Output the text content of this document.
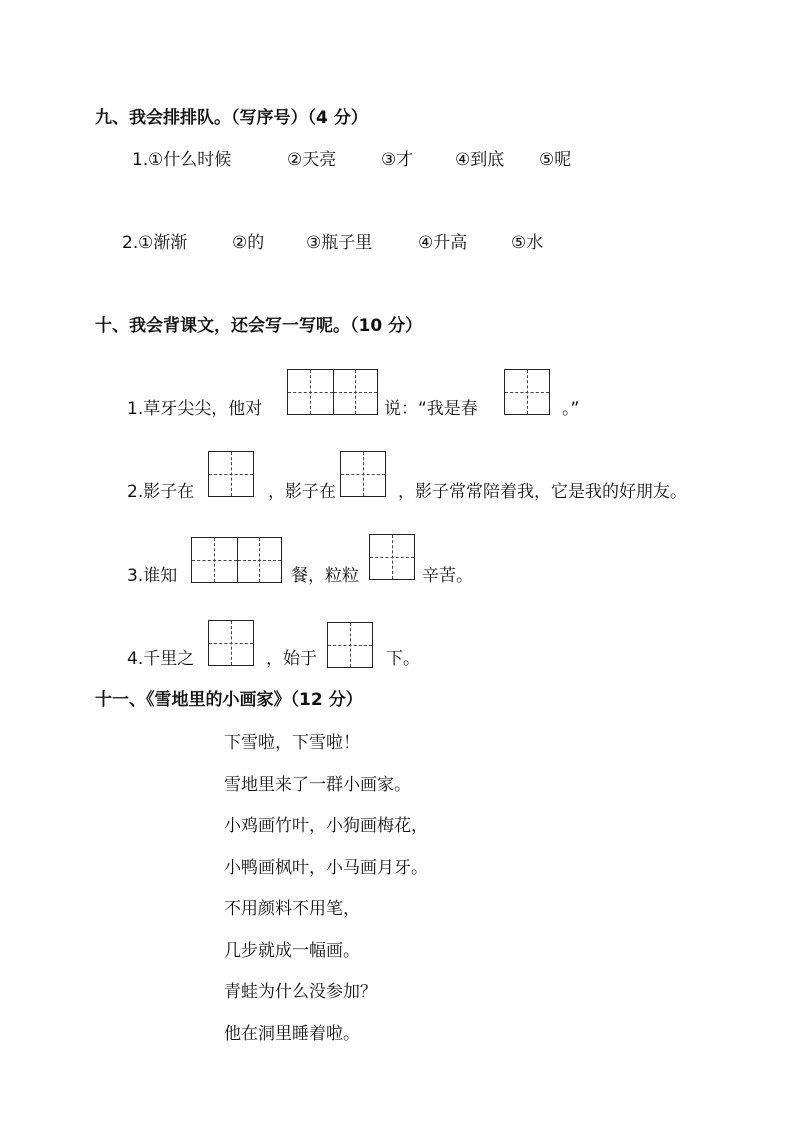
九、我会排排队。（写序号）（4 分）
1. ①什么时候	②天亮	③才 ④到底 ⑤呢
2. ①渐渐	②的 ③瓶子里	④升高	⑤水
十、我会背课文，还会写一写呢。（10 分）
1.草牙尖尖，他对	说：“我是春	。”
2.影子在	，影子在	，影子常常陪着我，它是我的好朋友。
3.谁知	餐，粒粒	辛苦。
4.千里之	，始于	下。
十一、《雪地里的小画家》（12 分）
下雪啦，下雪啦！
雪地里来了一群小画家。
小鸡画竹叶，小狗画梅花，
小鸭画枫叶，小马画月牙。
不用颜料不用笔，
几步就成一幅画。
青蛙为什么没参加？
他在洞里睡着啦。
